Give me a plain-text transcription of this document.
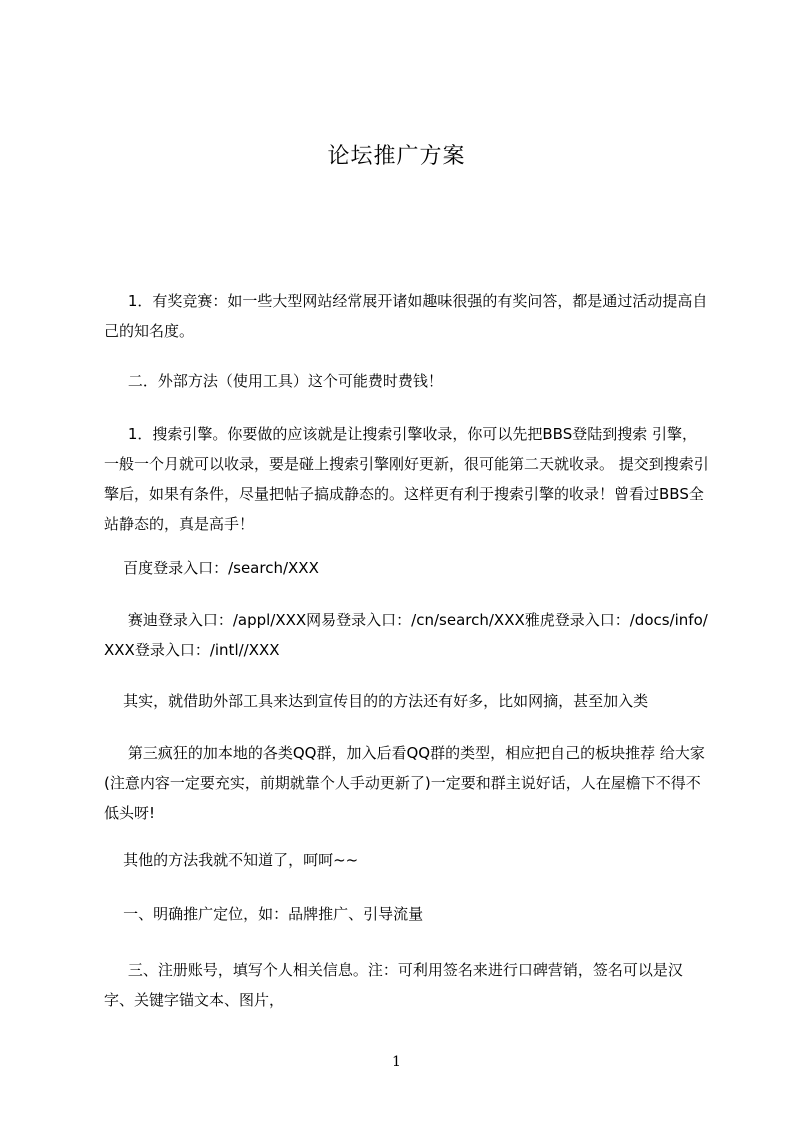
论坛推广方案
1．有奖竞赛：如一些大型网站经常展开诸如趣味很强的有奖问答，都是通过活动提高自己的知名度。
二．外部方法（使用工具）这个可能费时费钱！
1．搜索引擎。你要做的应该就是让搜索引擎收录，你可以先把BBS登陆到搜索 引擎，一般一个月就可以收录，要是碰上搜索引擎刚好更新，很可能第二天就收录。 提交到搜索引擎后，如果有条件，尽量把帖子搞成静态的。这样更有利于搜索引擎的收录！曾看过BBS全站静态的，真是高手！
百度登录入口：/search/XXX
赛迪登录入口：/appl/XXX网易登录入口：/cn/search/XXX雅虎登录入口：/docs/info/XXX登录入口：/intl//XXX
其实，就借助外部工具来达到宣传目的的方法还有好多，比如网摘，甚至加入类
第三疯狂的加本地的各类QQ群，加入后看QQ群的类型，相应把自己的板块推荐 给大家(注意内容一定要充实，前期就靠个人手动更新了)一定要和群主说好话，人在屋檐下不得不低头呀!
其他的方法我就不知道了，呵呵~~
一、明确推广定位，如：品牌推广、引导流量
三、注册账号，填写个人相关信息。注：可利用签名来进行口碑营销，签名可以是汉字、关键字锚文本、图片，
1
